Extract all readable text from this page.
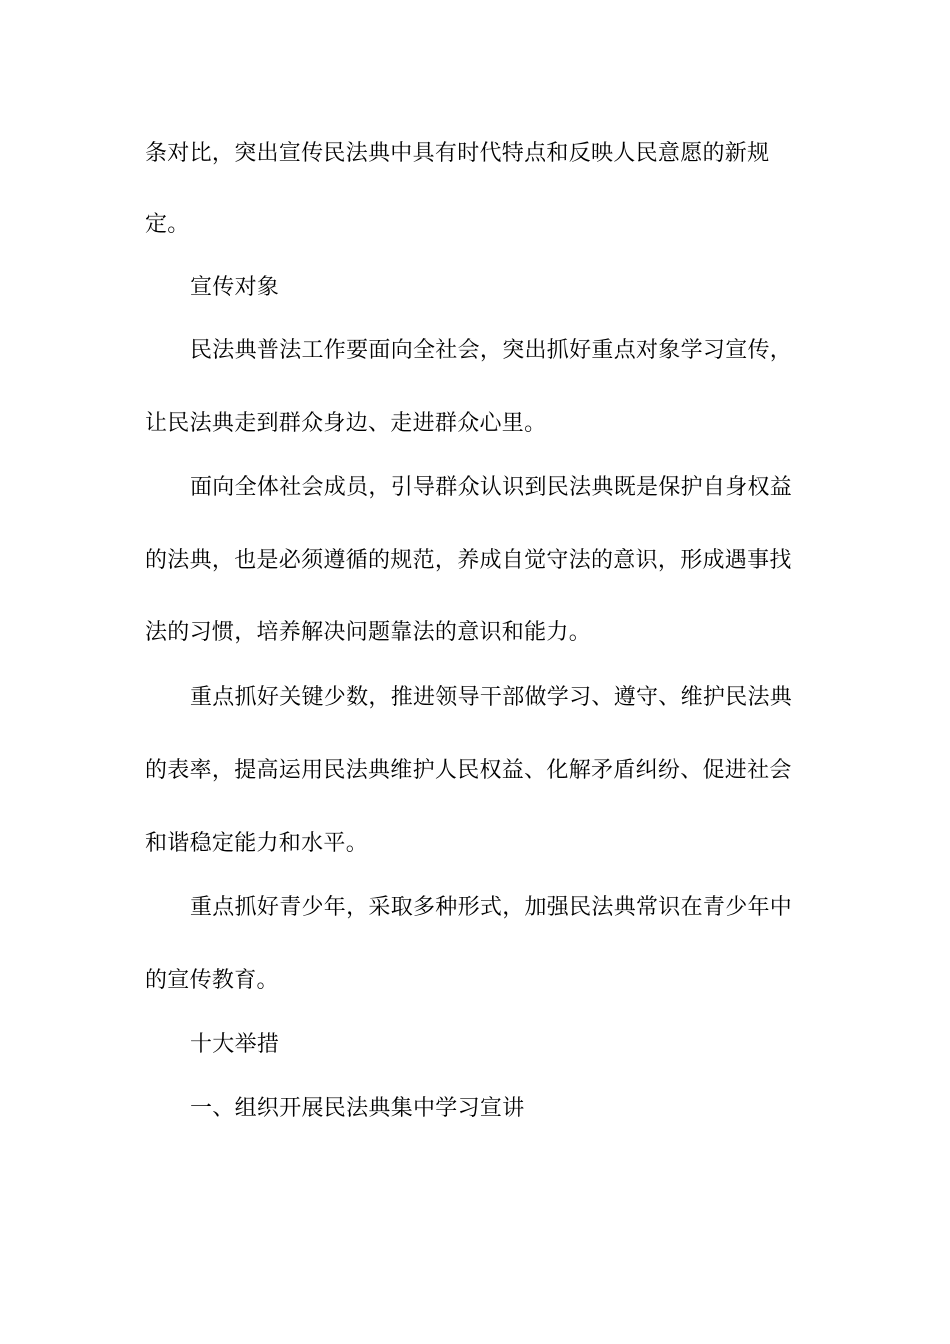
条对比，突出宣传民法典中具有时代特点和反映人民意愿的新规
定。
宣传对象
民法典普法工作要面向全社会，突出抓好重点对象学习宣传，
让民法典走到群众身边、走进群众心里。
面向全体社会成员，引导群众认识到民法典既是保护自身权益
的法典，也是必须遵循的规范，养成自觉守法的意识，形成遇事找
法的习惯，培养解决问题靠法的意识和能力。
重点抓好关键少数，推进领导干部做学习、遵守、维护民法典
的表率，提高运用民法典维护人民权益、化解矛盾纠纷、促进社会
和谐稳定能力和水平。
重点抓好青少年，采取多种形式，加强民法典常识在青少年中
的宣传教育。
十大举措
一、组织开展民法典集中学习宣讲
